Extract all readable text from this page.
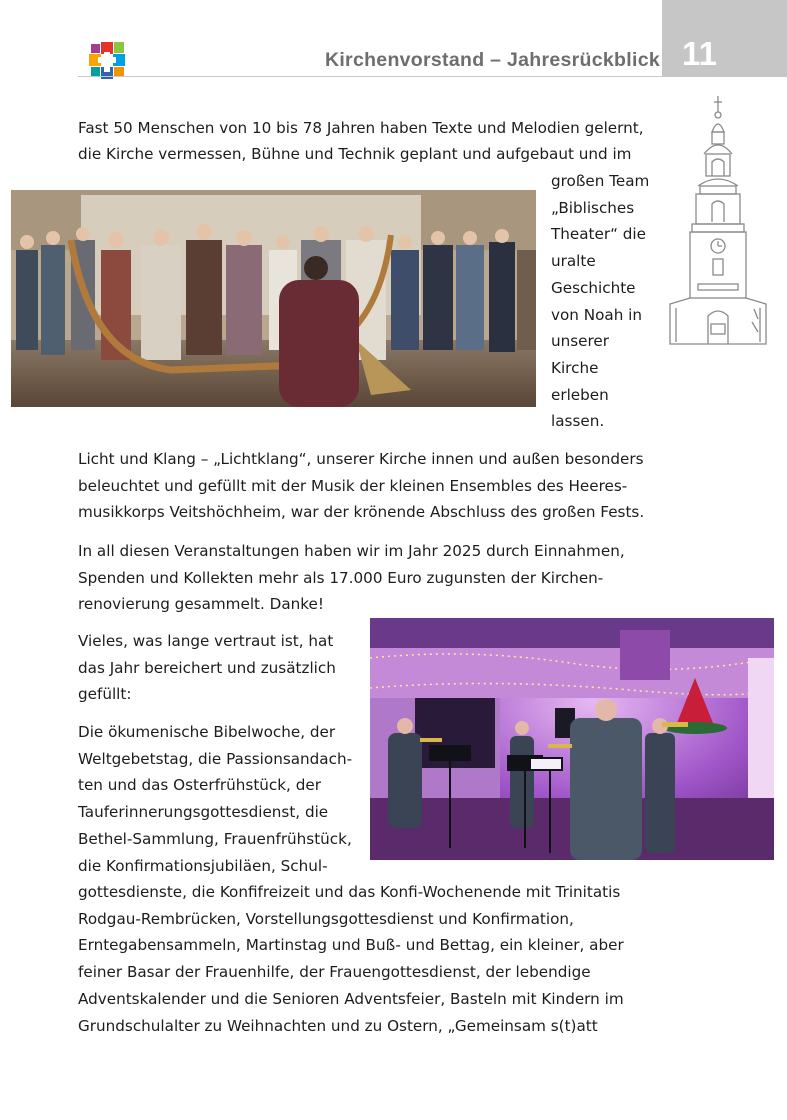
Kirchenvorstand – Jahresrückblick 11

Fast 50 Menschen von 10 bis 78 Jahren haben Texte und Melodien gelernt,

die Kirche vermessen, Bühne und Technik geplant und aufgebaut und im

großen Team
„Biblisches
Theater“ die
uralte
Geschichte
von Noah in
unserer
Kirche
erleben
lassen.
Licht und Klang – „Lichtklang“, unserer Kirche innen und außen besonders
beleuchtet und gefüllt mit der Musik der kleinen Ensembles des Heeres-
musikkorps Veitshöchheim, war der krönende Abschluss des großen Fests.
In all diesen Veranstaltungen haben wir im Jahr 2025 durch Einnahmen,
Spenden und Kollekten mehr als 17.000 Euro zugunsten der Kirchen-
renovierung gesammelt. Danke!
Vieles, was lange vertraut ist, hat
das Jahr bereichert und zusätzlich
gefüllt:
Die ökumenische Bibelwoche, der
Weltgebetstag, die Passionsandach-
ten und das Osterfrühstück, der
Tauferinnerungsgottesdienst, die
Bethel-Sammlung, Frauenfrühstück,
die Konfirmationsjubiläen, Schul-
gottesdienste, die Konfifreizeit und das Konfi-Wochenende mit Trinitatis
Rodgau-Rembrücken, Vorstellungsgottesdienst und Konfirmation,
Erntegabensammeln, Martinstag und Buß- und Bettag, ein kleiner, aber
feiner Basar der Frauenhilfe, der Frauengottesdienst, der lebendige
Adventskalender und die Senioren Adventsfeier, Basteln mit Kindern im
Grundschulalter zu Weihnachten und zu Ostern, „Gemeinsam s(t)att
